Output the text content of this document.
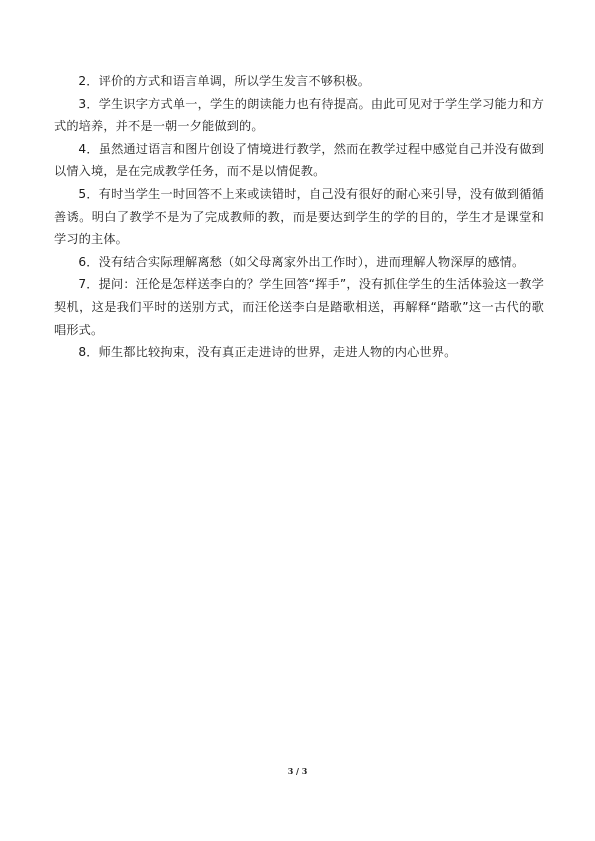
2．评价的方式和语言单调，所以学生发言不够积极。

3．学生识字方式单一，学生的朗读能力也有待提高。由此可见对于学生学习能力和方式的培养，并不是一朝一夕能做到的。

4．虽然通过语言和图片创设了情境进行教学，然而在教学过程中感觉自己并没有做到以情入境，是在完成教学任务，而不是以情促教。

5．有时当学生一时回答不上来或读错时，自己没有很好的耐心来引导，没有做到循循善诱。明白了教学不是为了完成教师的教，而是要达到学生的学的目的，学生才是课堂和学习的主体。

6．没有结合实际理解离愁（如父母离家外出工作时），进而理解人物深厚的感情。

7．提问：汪伦是怎样送李白的？学生回答“挥手”，没有抓住学生的生活体验这一教学契机，这是我们平时的送别方式，而汪伦送李白是踏歌相送，再解释“踏歌”这一古代的歌唱形式。

8．师生都比较拘束，没有真正走进诗的世界，走进人物的内心世界。

3 / 3
